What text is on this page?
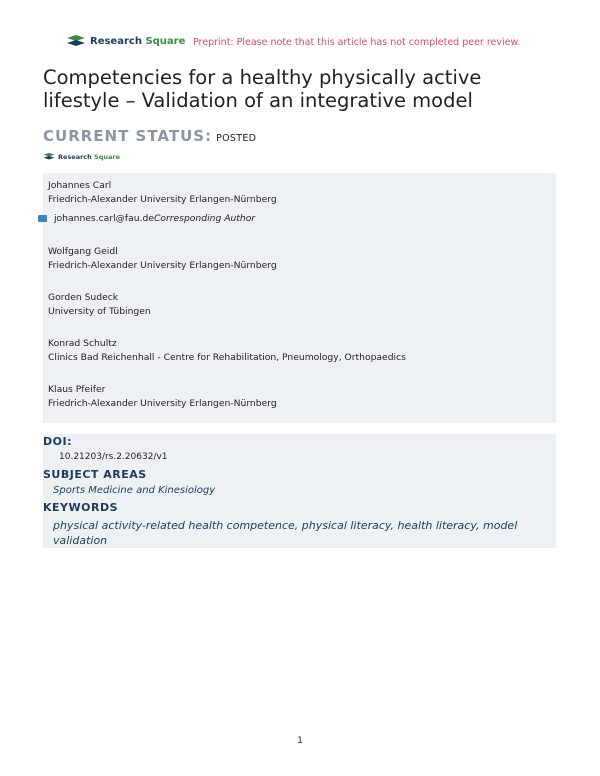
Research Square Preprint: Please note that this article has not completed peer review.
Competencies for a healthy physically active lifestyle – Validation of an integrative model
CURRENT STATUS: POSTED
Research Square
Johannes Carl
Friedrich-Alexander University Erlangen-Nürnberg
Wolfgang Geidl
Friedrich-Alexander University Erlangen-Nürnberg
Gorden Sudeck
University of Tübingen
Konrad Schultz
Clinics Bad Reichenhall - Centre for Rehabilitation, Pneumology, Orthopaedics
Klaus Pfeifer
Friedrich-Alexander University Erlangen-Nürnberg
johannes.carl@fau.de Corresponding Author
DOI:
10.21203/rs.2.20632/v1
SUBJECT AREAS
Sports Medicine and Kinesiology
KEYWORDS
physical activity-related health competence, physical literacy, health literacy, model validation
1
